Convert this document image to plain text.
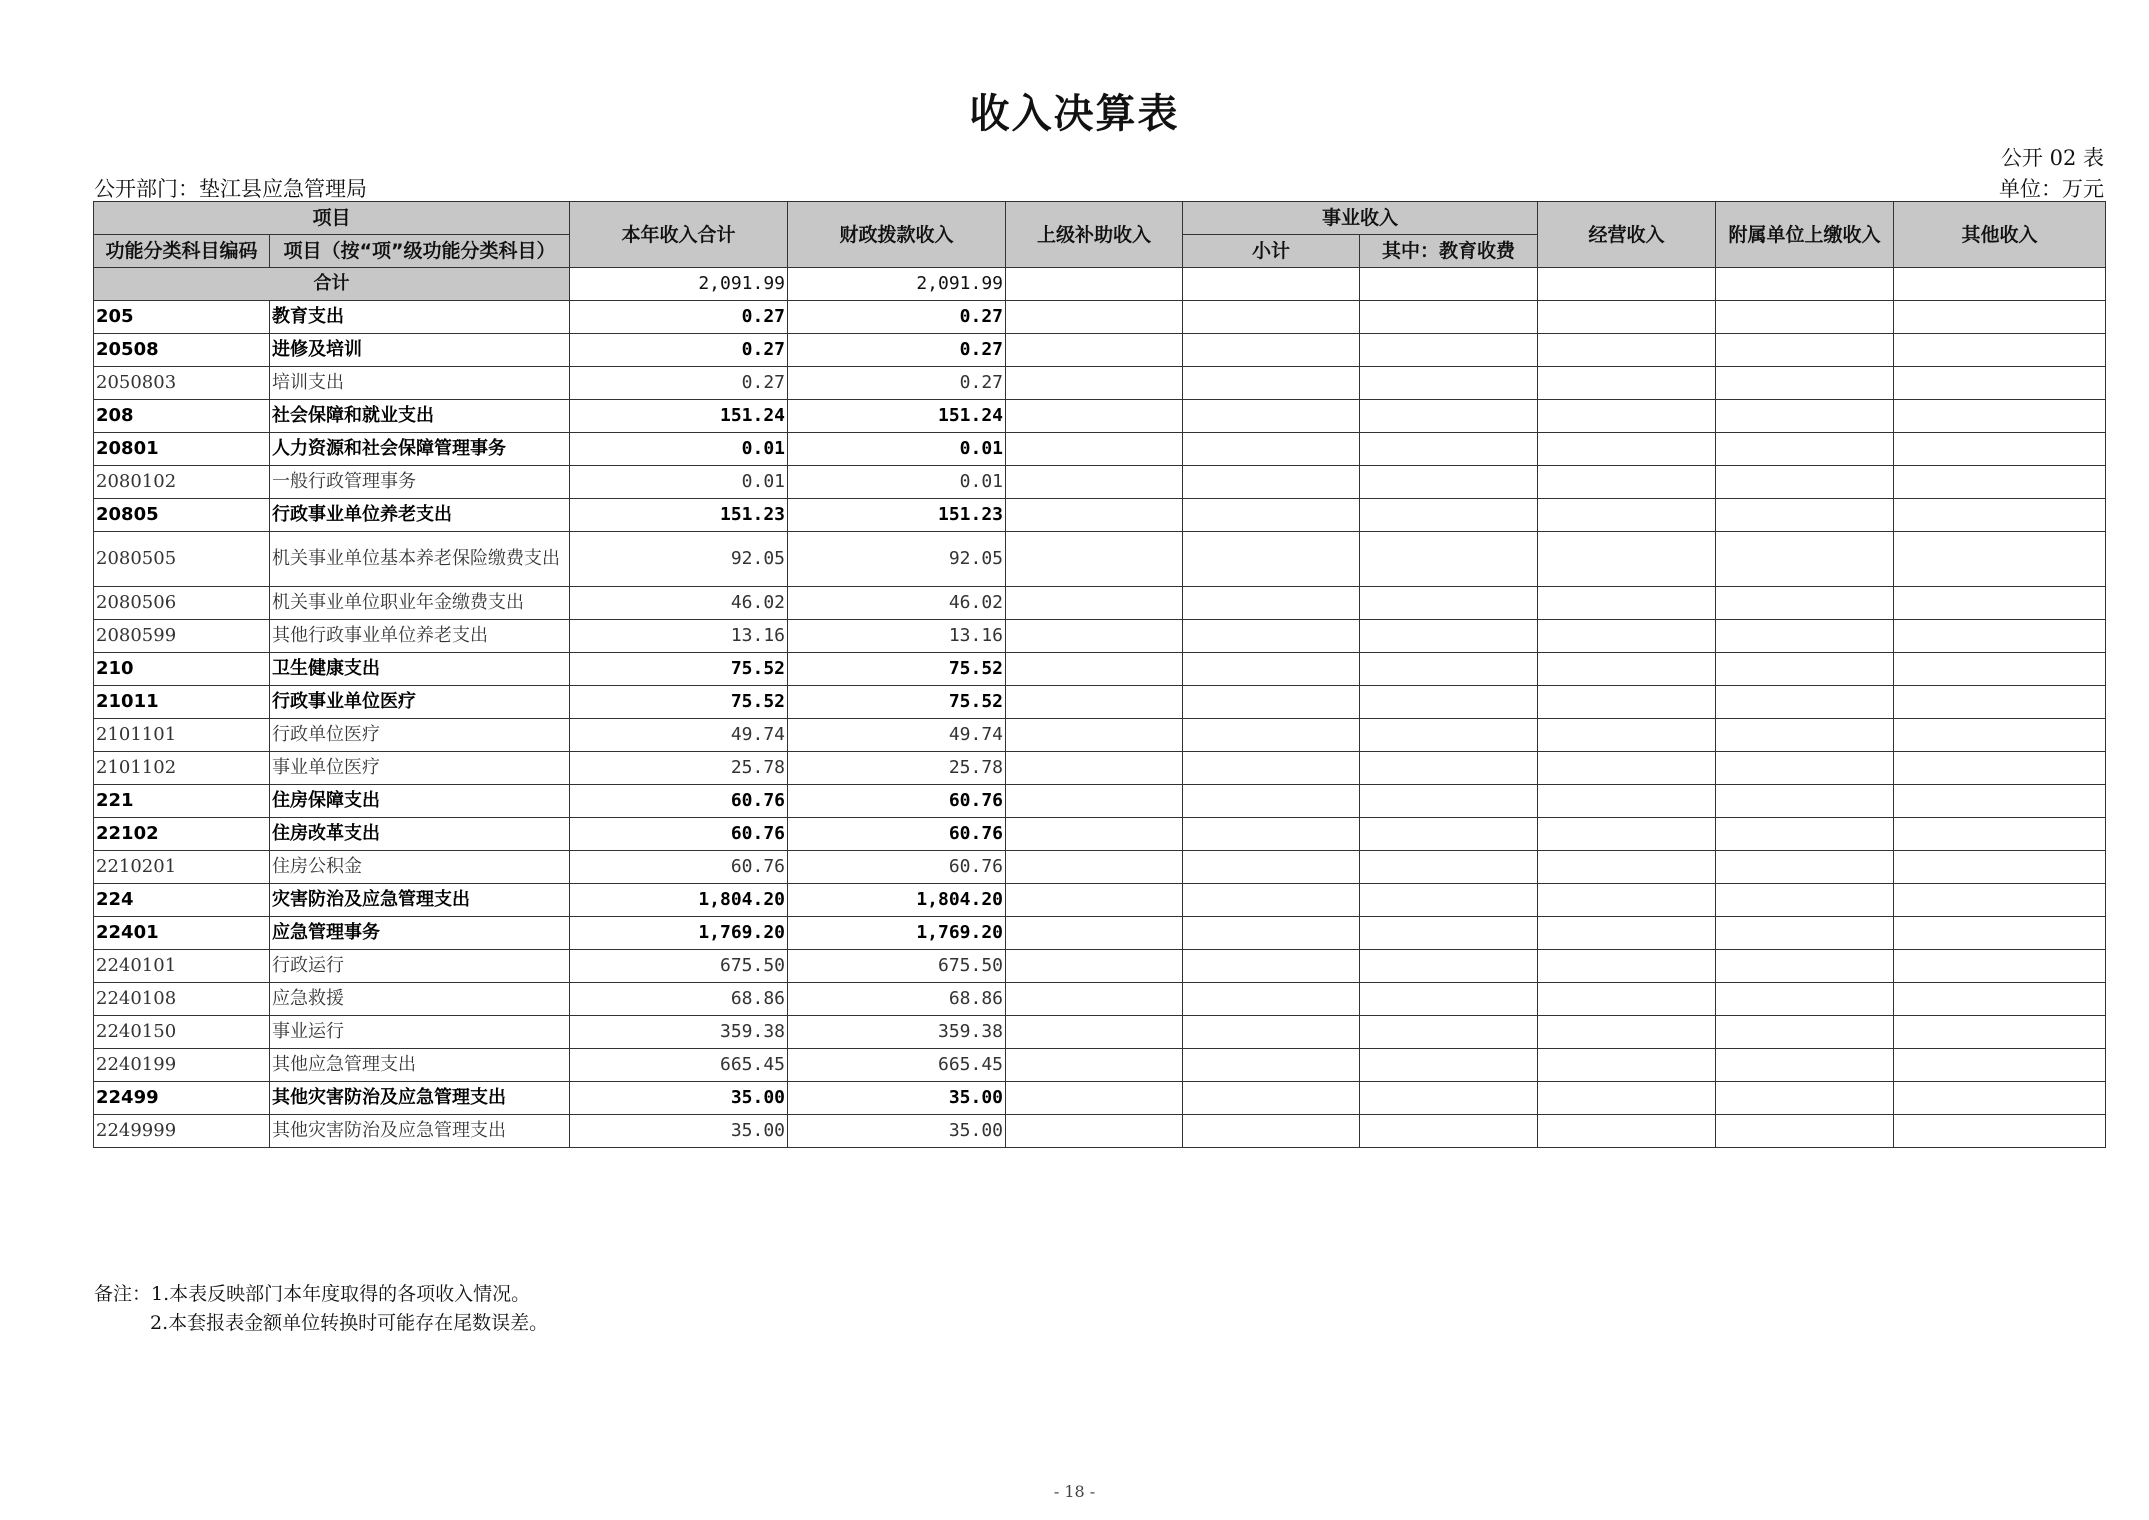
收入决算表
公开 02 表
公开部门：垫江县应急管理局	单位：万元
项目		本年收入合计	财政拨款收入	上级补助收入	事业收入		经营收入	附属单位上缴收入	其他收入
功能分类科目编码	项目（按“项”级功能分类科目）				小计	其中：教育收费			
合计		2,091.99	2,091.99						
205	教育支出	0.27	0.27						
20508	进修及培训	0.27	0.27						
2050803	培训支出	0.27	0.27						
208	社会保障和就业支出	151.24	151.24						
20801	人力资源和社会保障管理事务	0.01	0.01						
2080102	一般行政管理事务	0.01	0.01						
20805	行政事业单位养老支出	151.23	151.23						
2080505	机关事业单位基本养老保险缴费支出	92.05	92.05						
2080506	机关事业单位职业年金缴费支出	46.02	46.02						
2080599	其他行政事业单位养老支出	13.16	13.16						
210	卫生健康支出	75.52	75.52						
21011	行政事业单位医疗	75.52	75.52						
2101101	行政单位医疗	49.74	49.74						
2101102	事业单位医疗	25.78	25.78						
221	住房保障支出	60.76	60.76						
22102	住房改革支出	60.76	60.76						
2210201	住房公积金	60.76	60.76						
224	灾害防治及应急管理支出	1,804.20	1,804.20						
22401	应急管理事务	1,769.20	1,769.20						
2240101	行政运行	675.50	675.50						
2240108	应急救援	68.86	68.86						
2240150	事业运行	359.38	359.38						
2240199	其他应急管理支出	665.45	665.45						
22499	其他灾害防治及应急管理支出	35.00	35.00						
2249999	其他灾害防治及应急管理支出	35.00	35.00						
备注：1.本表反映部门本年度取得的各项收入情况。
2.本套报表金额单位转换时可能存在尾数误差。
- 18 -
